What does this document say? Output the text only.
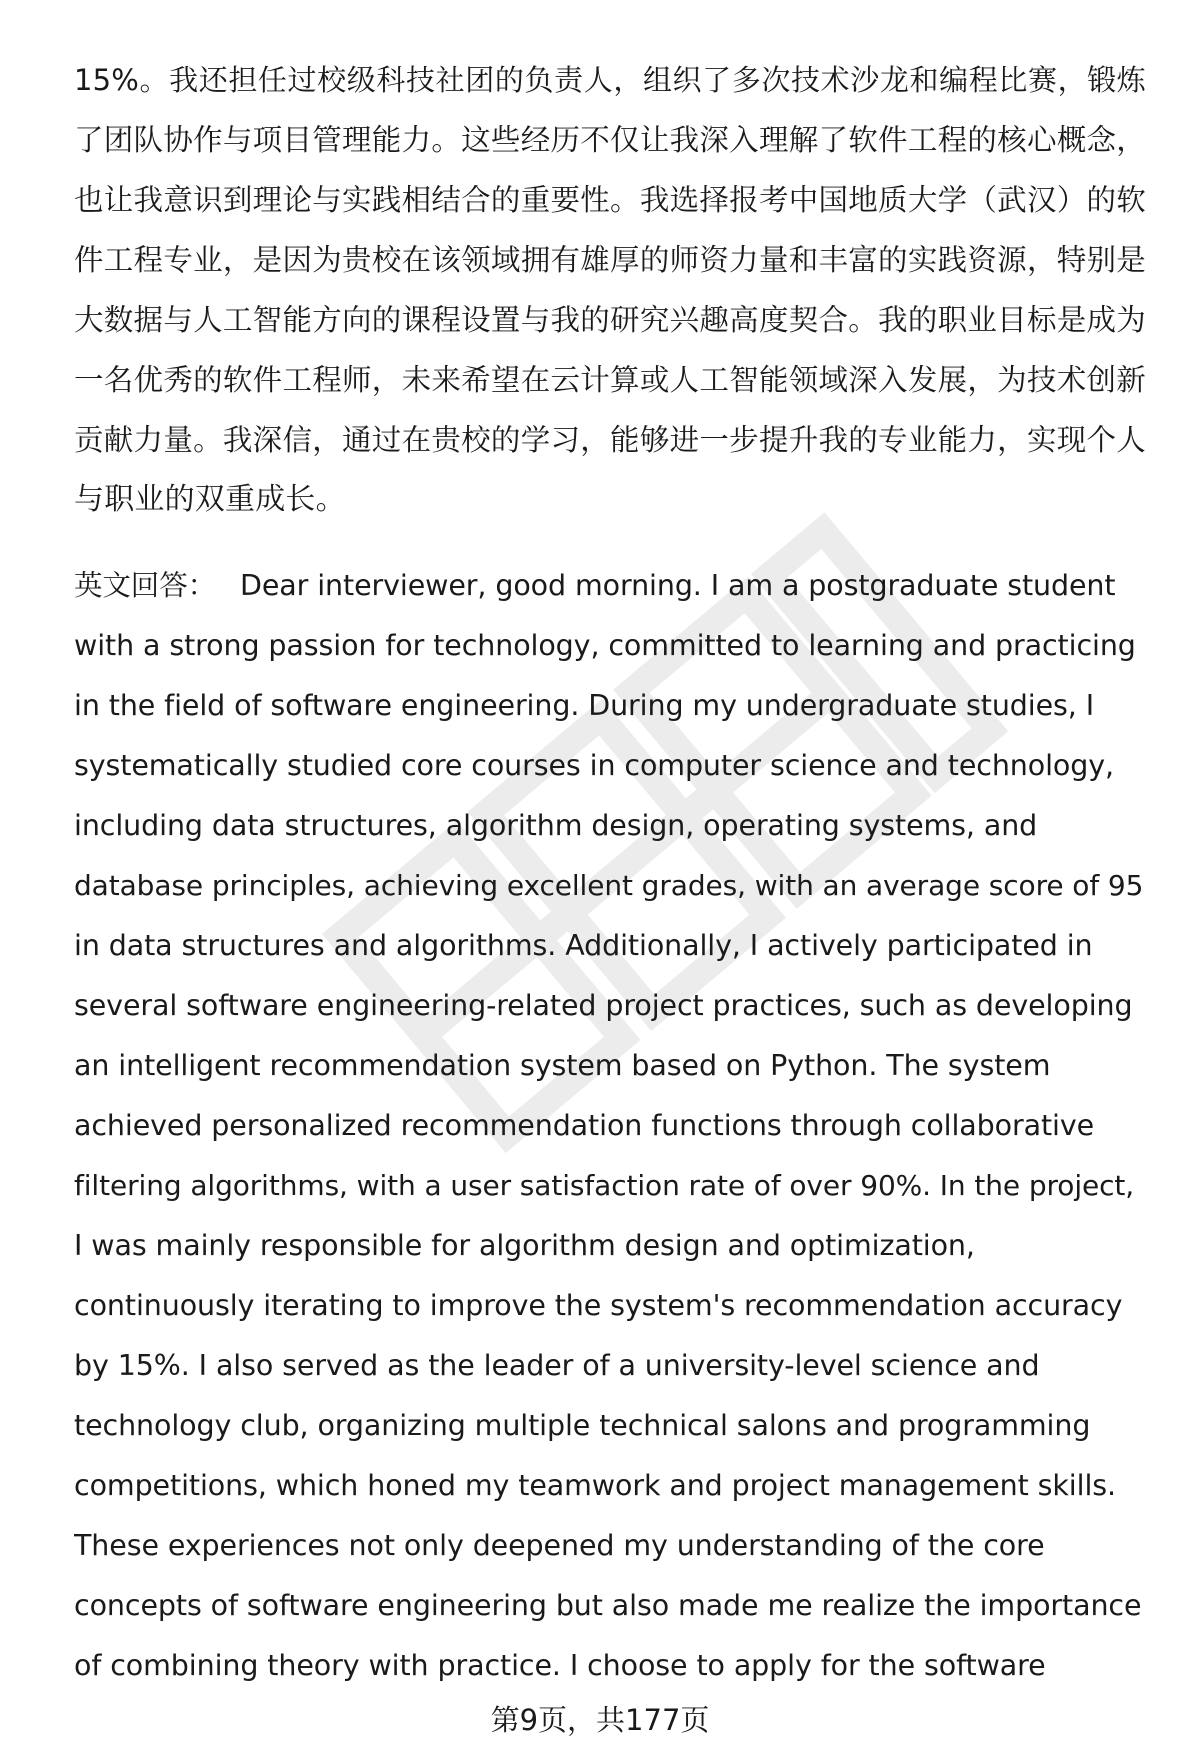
15%。我还担任过校级科技社团的负责人，组织了多次技术沙龙和编程比赛，锻炼
了团队协作与项目管理能力。这些经历不仅让我深入理解了软件工程的核心概念，
也让我意识到理论与实践相结合的重要性。我选择报考中国地质大学（武汉）的软
件工程专业，是因为贵校在该领域拥有雄厚的师资力量和丰富的实践资源，特别是
大数据与人工智能方向的课程设置与我的研究兴趣高度契合。我的职业目标是成为
一名优秀的软件工程师，未来希望在云计算或人工智能领域深入发展，为技术创新
贡献力量。我深信，通过在贵校的学习，能够进一步提升我的专业能力，实现个人
与职业的双重成长。
英文回答： Dear interviewer, good morning. I am a postgraduate student
with a strong passion for technology, committed to learning and practicing
in the field of software engineering. During my undergraduate studies, I
systematically studied core courses in computer science and technology,
including data structures, algorithm design, operating systems, and
database principles, achieving excellent grades, with an average score of 95
in data structures and algorithms. Additionally, I actively participated in
several software engineering-related project practices, such as developing
an intelligent recommendation system based on Python. The system
achieved personalized recommendation functions through collaborative
filtering algorithms, with a user satisfaction rate of over 90%. In the project,
I was mainly responsible for algorithm design and optimization,
continuously iterating to improve the system's recommendation accuracy
by 15%. I also served as the leader of a university-level science and
technology club, organizing multiple technical salons and programming
competitions, which honed my teamwork and project management skills.
These experiences not only deepened my understanding of the core
concepts of software engineering but also made me realize the importance
of combining theory with practice. I choose to apply for the software
第9页，共177页
